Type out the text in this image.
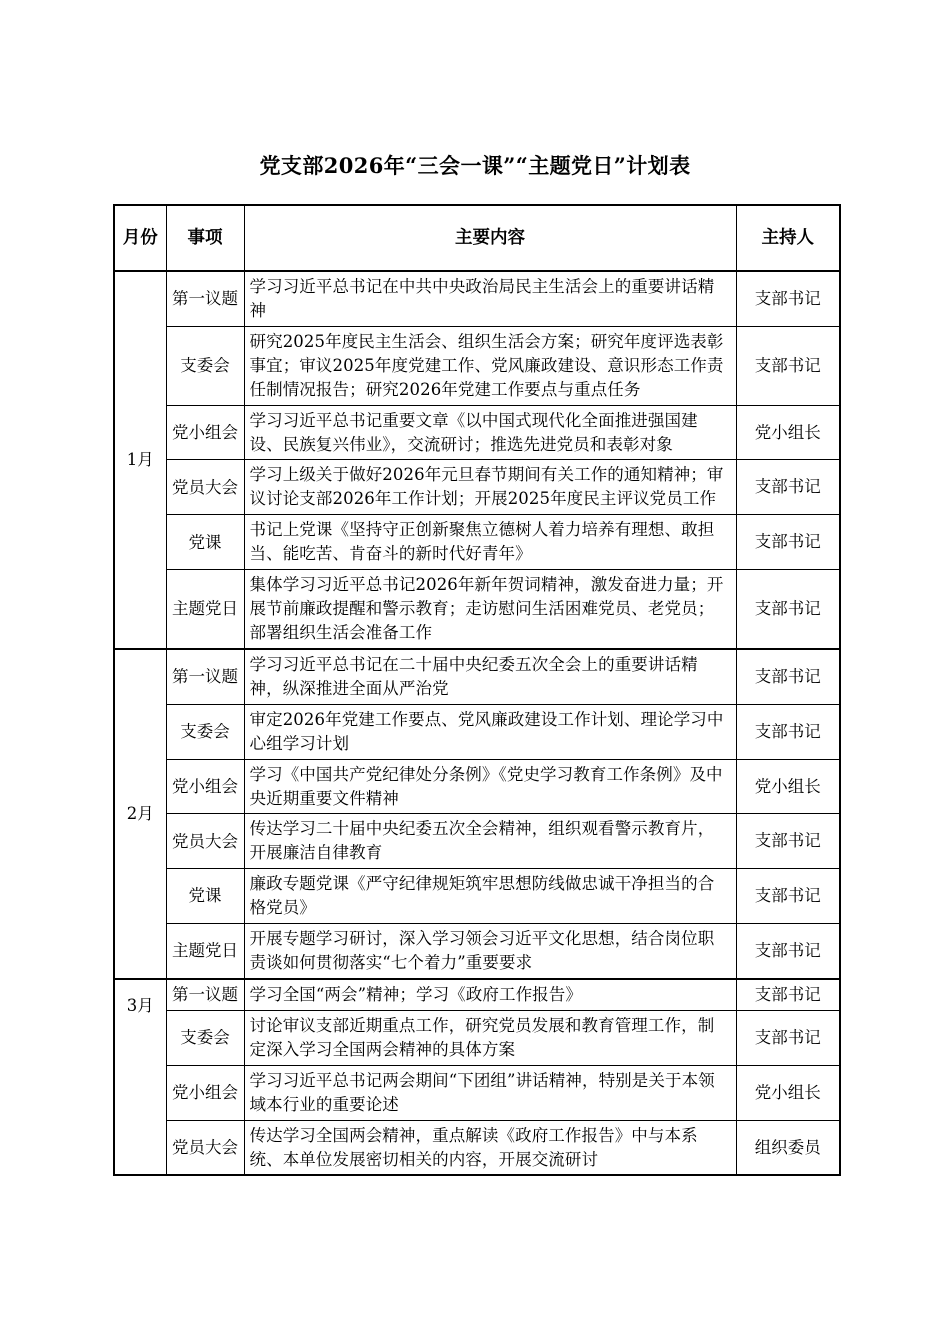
党支部2026年“三会一课”“主题党日”计划表
月份	事项	主要内容	主持人
1月	第一议题	学习习近平总书记在中共中央政治局民主生活会上的重要讲话精神	支部书记
	支委会	研究2025年度民主生活会、组织生活会方案；研究年度评选表彰事宜；审议2025年度党建工作、党风廉政建设、意识形态工作责任制情况报告；研究2026年党建工作要点与重点任务	支部书记
	党小组会	学习习近平总书记重要文章《以中国式现代化全面推进强国建设、民族复兴伟业》，交流研讨；推选先进党员和表彰对象	党小组长
	党员大会	学习上级关于做好2026年元旦春节期间有关工作的通知精神；审议讨论支部2026年工作计划；开展2025年度民主评议党员工作	支部书记
	党课	书记上党课《坚持守正创新聚焦立德树人着力培养有理想、敢担当、能吃苦、肯奋斗的新时代好青年》	支部书记
	主题党日	集体学习习近平总书记2026年新年贺词精神，激发奋进力量；开展节前廉政提醒和警示教育；走访慰问生活困难党员、老党员；部署组织生活会准备工作	支部书记
2月	第一议题	学习习近平总书记在二十届中央纪委五次全会上的重要讲话精神，纵深推进全面从严治党	支部书记
	支委会	审定2026年党建工作要点、党风廉政建设工作计划、理论学习中心组学习计划	支部书记
	党小组会	学习《中国共产党纪律处分条例》《党史学习教育工作条例》及中央近期重要文件精神	党小组长
	党员大会	传达学习二十届中央纪委五次全会精神，组织观看警示教育片，开展廉洁自律教育	支部书记
	党课	廉政专题党课《严守纪律规矩筑牢思想防线做忠诚干净担当的合格党员》	支部书记
	主题党日	开展专题学习研讨，深入学习领会习近平文化思想，结合岗位职责谈如何贯彻落实“七个着力”重要要求	支部书记
3月	第一议题	学习全国“两会”精神；学习《政府工作报告》	支部书记
	支委会	讨论审议支部近期重点工作，研究党员发展和教育管理工作，制定深入学习全国两会精神的具体方案	支部书记
	党小组会	学习习近平总书记两会期间“下团组”讲话精神，特别是关于本领域本行业的重要论述	党小组长
	党员大会	传达学习全国两会精神，重点解读《政府工作报告》中与本系统、本单位发展密切相关的内容，开展交流研讨	组织委员
